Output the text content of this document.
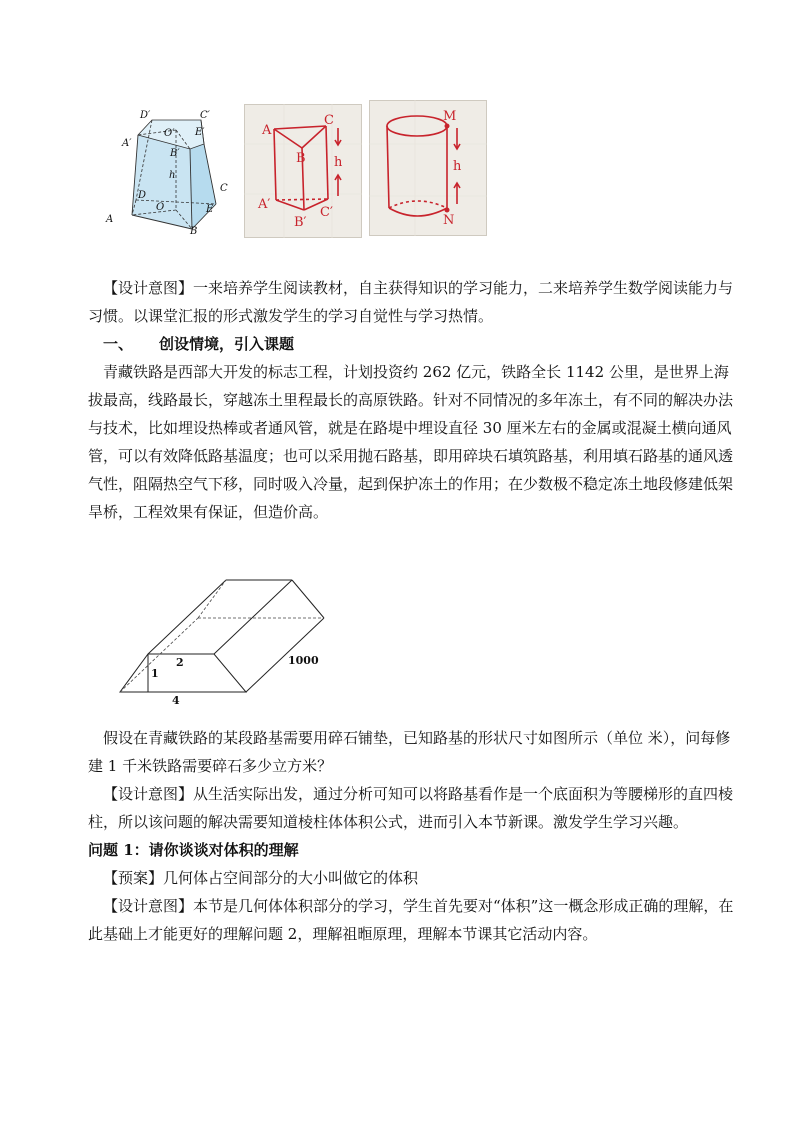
D′	C′
A′
O′ E′
B′
h
D
C
O	E
A
B
A
C
B h
A′
B′
C′
M
h
N

【设计意图】一来培养学生阅读教材，自主获得知识的学习能力，二来培养学生数学阅读能力与习惯。以课堂汇报的形式激发学生的学习自觉性与学习热情。

一、 创设情境，引入课题

青藏铁路是西部大开发的标志工程，计划投资约 262 亿元，铁路全长 1142 公里，是世界上海拔最高，线路最长，穿越冻土里程最长的高原铁路。针对不同情况的多年冻土，有不同的解决办法与技术，比如埋设热棒或者通风管，就是在路堤中埋设直径 30 厘米左右的金属或混凝土横向通风管，可以有效降低路基温度；也可以采用抛石路基，即用碎块石填筑路基，利用填石路基的通风透气性，阻隔热空气下移，同时吸入冷量，起到保护冻土的作用；在少数极不稳定冻土地段修建低架旱桥，工程效果有保证，但造价高。

2
1
4
1000

假设在青藏铁路的某段路基需要用碎石铺垫，已知路基的形状尺寸如图所示（单位 米），问每修建 1 千米铁路需要碎石多少立方米？

【设计意图】从生活实际出发，通过分析可知可以将路基看作是一个底面积为等腰梯形的直四棱柱，所以该问题的解决需要知道棱柱体体积公式，进而引入本节新课。激发学生学习兴趣。

问题 1：请你谈谈对体积的理解

【预案】几何体占空间部分的大小叫做它的体积

【设计意图】本节是几何体体积部分的学习，学生首先要对“体积”这一概念形成正确的理解，在此基础上才能更好的理解问题 2，理解祖暅原理，理解本节课其它活动内容。
